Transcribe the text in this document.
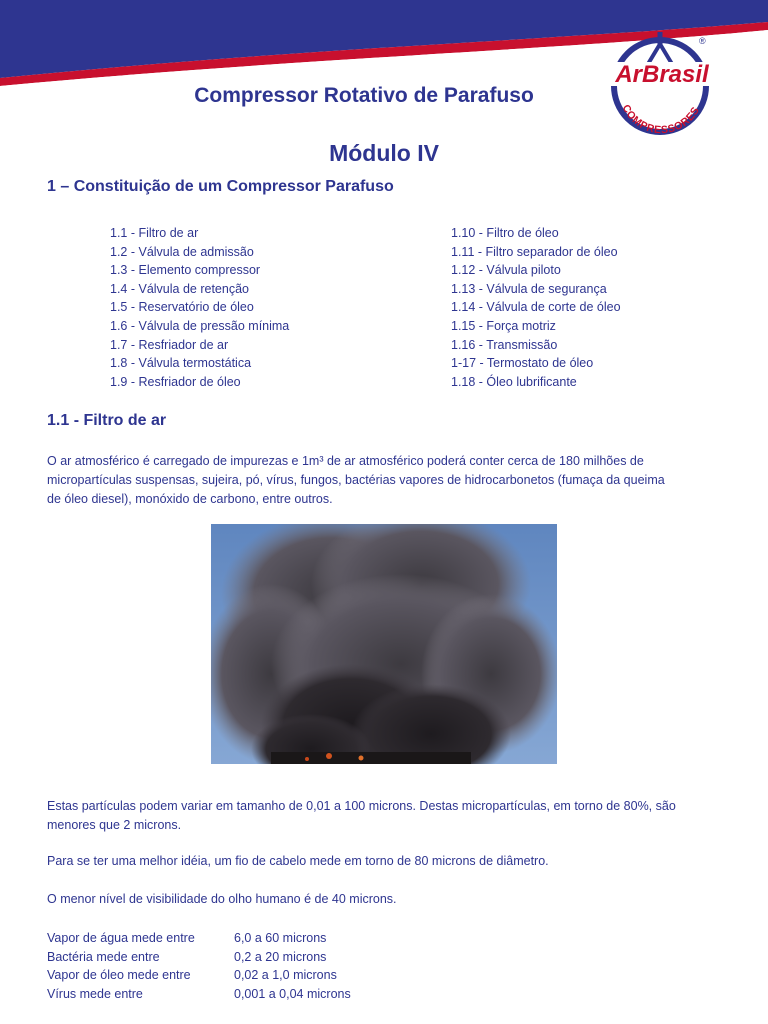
®
ArBrasil
COMPRESSORES
Compressor Rotativo de Parafuso
Módulo IV
1 – Constituição de um Compressor Parafuso
1.1 - Filtro de ar
1.2 - Válvula de admissão
1.3 - Elemento compressor
1.4 - Válvula de retenção
1.5 - Reservatório de óleo
1.6 - Válvula de pressão mínima
1.7 - Resfriador de ar
1.8 - Válvula termostática
1.9 - Resfriador de óleo
1.10 - Filtro de óleo
1.11 - Filtro separador de óleo
1.12 - Válvula piloto
1.13 - Válvula de segurança
1.14 - Válvula de corte de óleo
1.15 - Força motriz
1.16 - Transmissão
1-17 - Termostato de óleo
1.18 - Óleo lubrificante
1.1 - Filtro de ar

O ar atmosférico é carregado de impurezas e 1m³ de ar atmosférico poderá conter cerca de 180 milhões de micropartículas suspensas, sujeira, pó, vírus, fungos, bactérias vapores de hidrocarbonetos (fumaça da queima de óleo diesel), monóxido de carbono, entre outros.

Estas partículas podem variar em tamanho de 0,01 a 100 microns. Destas micropartículas, em torno de 80%, são menores que 2 microns.

Para se ter uma melhor idéia, um fio de cabelo mede em torno de 80 microns de diâmetro.

O menor nível de visibilidade do olho humano é de 40 microns.

Vapor de água mede entre	6,0 a 60 microns
Bactéria mede entre	0,2 a 20 microns
Vapor de óleo mede entre	0,02 a 1,0 microns
Vírus mede entre	0,001 a 0,04 microns
